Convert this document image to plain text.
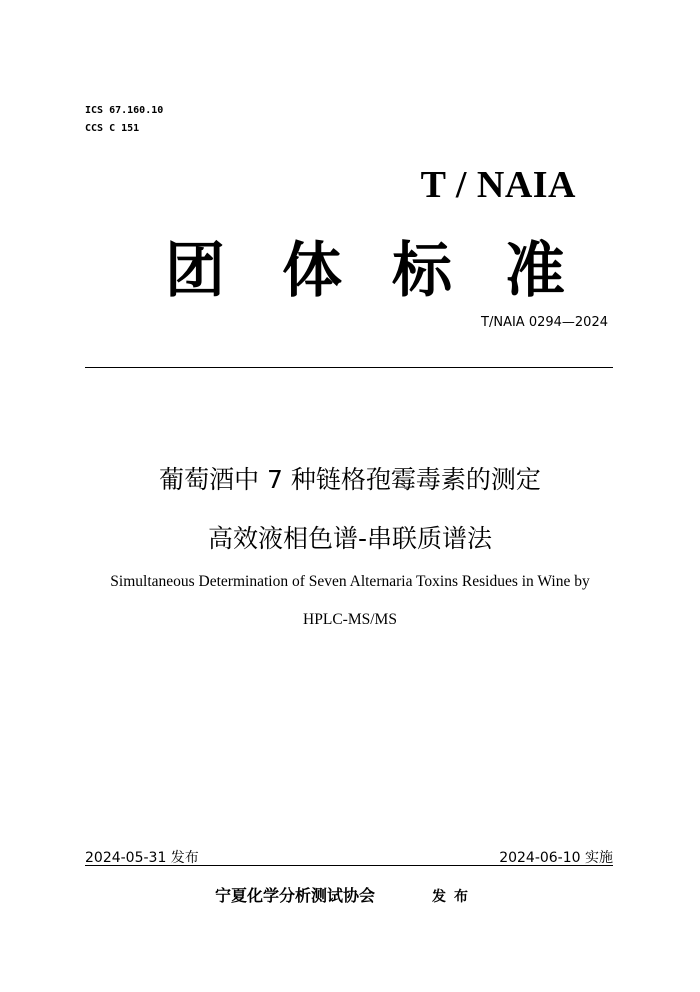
ICS 67.160.10
CCS C 151
T / NAIA
团 体 标 准
T/NAIA 0294—2024
葡萄酒中 7 种链格孢霉毒素的测定
高效液相色谱-串联质谱法
Simultaneous Determination of Seven Alternaria Toxins Residues in Wine by
HPLC-MS/MS
2024-05-31 发布	2024-06-10 实施
宁夏化学分析测试协会	发布
